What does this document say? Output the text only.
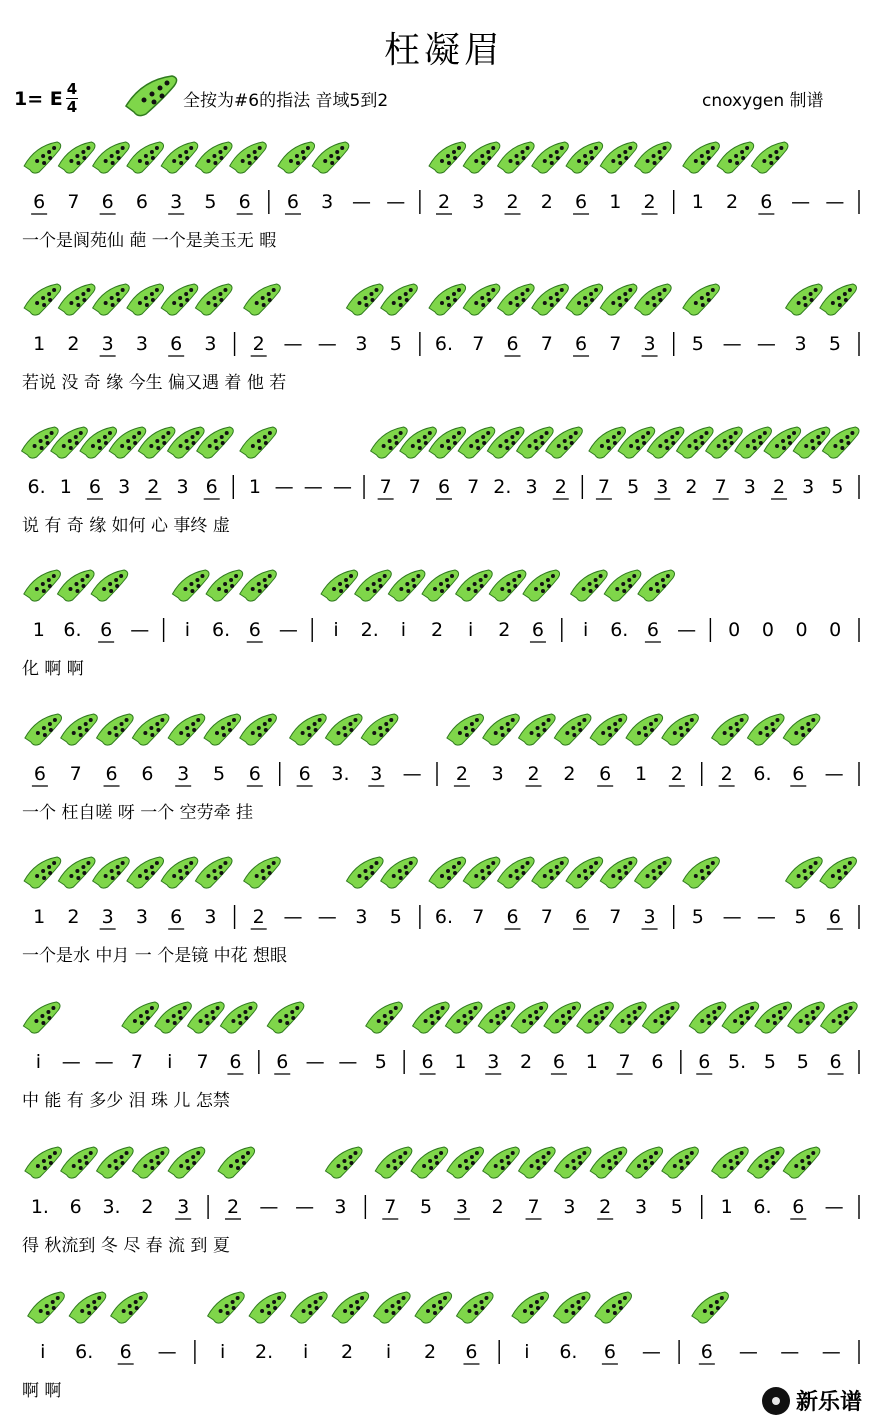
枉凝眉
1= E 4
4	全按为#6的指法 音域5到2	cnoxygen 制谱
6 7 6 6 3 5 6 6 3 — — 2 3 2 2 6 1 2 1 2 6 — —
一个是阆苑仙 葩 一个是美玉无 暇
1 2 3 3 6 3 2 — — 3 5 6. 7 6 7 6 7 3 5 — — 3 5
若说 没 奇 缘 今生 偏又遇 着 他 若
6. 1 6 3 2 3 6 1 — — — 7 7 6 7 2. 3 2 7 5 3 2 7 3 2 3 5
说 有 奇 缘 如何 心 事终 虚
1 6. 6 — i 6. 6 — i 2. i 2 i 2 6 i 6. 6 — 0 0 0 0
化 啊 啊
6 7 6 6 3 5 6 6 3. 3 — 2 3 2 2 6 1 2 2 6. 6 —
一个 枉自嗟 呀 一个 空劳牵 挂
1 2 3 3 6 3 2 — — 3 5 6. 7 6 7 6 7 3 5 — — 5 6
一个是水 中月 一 个是镜 中花 想眼
i — — 7 i 7 6 6 — — 5 6 1 3 2 6 1 7 6 6 5. 5 5 6
中 能 有 多少 泪 珠 儿 怎禁
1. 6 3. 2 3 2 — — 3 7 5 3 2 7 3 2 3 5 1 6. 6 —
得 秋流到 冬 尽 春 流 到 夏
i 6. 6 — i 2. i 2 i 2 6 i 6. 6 — 6 — — —
啊 啊	新乐谱
